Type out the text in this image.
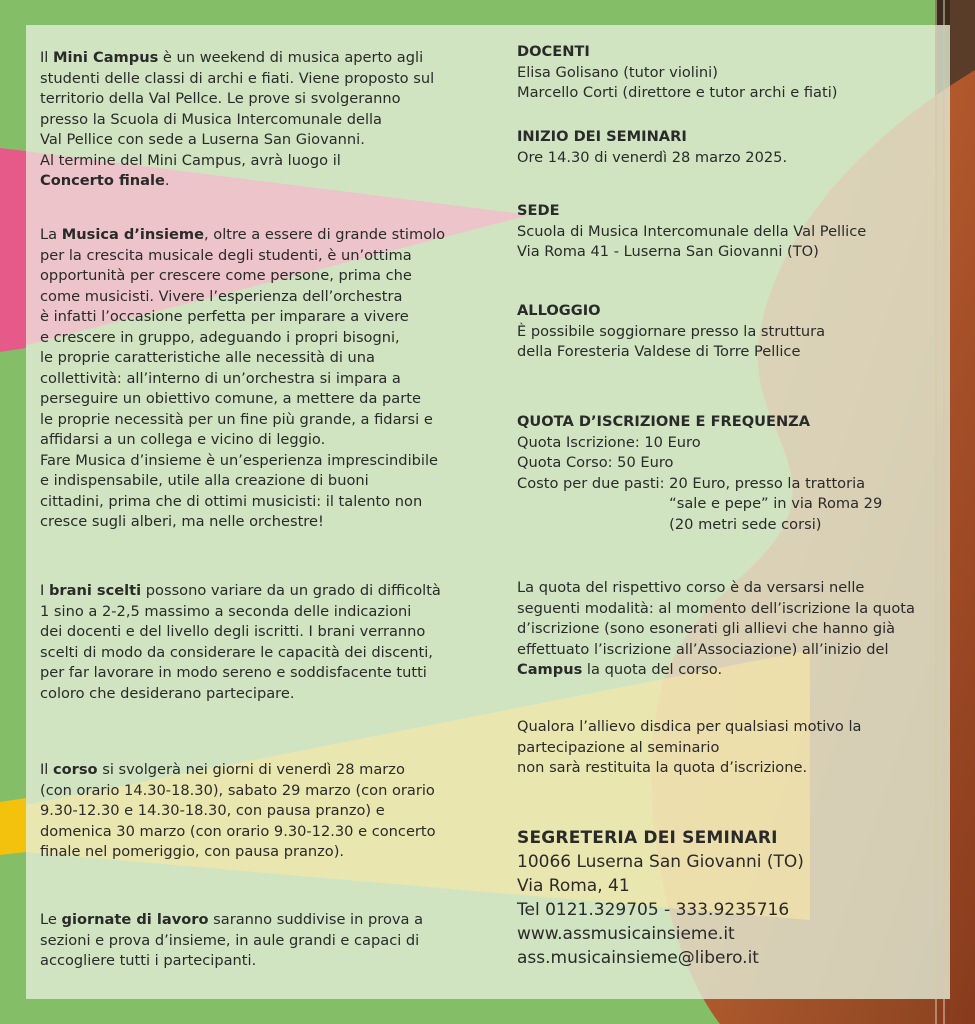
Il Mini Campus è un weekend di musica aperto agli

studenti delle classi di archi e fiati. Viene proposto sul

territorio della Val Pellce. Le prove si svolgeranno

presso la Scuola di Musica Intercomunale della

Val Pellice con sede a Luserna San Giovanni.

Al termine del Mini Campus, avrà luogo il

Concerto finale.

La Musica d’insieme, oltre a essere di grande stimolo

per la crescita musicale degli studenti, è un’ottima

opportunità per crescere come persone, prima che

come musicisti. Vivere l’esperienza dell’orchestra

è infatti l’occasione perfetta per imparare a vivere

e crescere in gruppo, adeguando i propri bisogni,

le proprie caratteristiche alle necessità di una

collettività: all’interno di un’orchestra si impara a

perseguire un obiettivo comune, a mettere da parte

le proprie necessità per un fine più grande, a fidarsi e

affidarsi a un collega e vicino di leggio.

Fare Musica d’insieme è un’esperienza imprescindibile

e indispensabile, utile alla creazione di buoni

cittadini, prima che di ottimi musicisti: il talento non

cresce sugli alberi, ma nelle orchestre!

I brani scelti possono variare da un grado di difficoltà

1 sino a 2-2,5 massimo a seconda delle indicazioni

dei docenti e del livello degli iscritti. I brani verranno

scelti di modo da considerare le capacità dei discenti,

per far lavorare in modo sereno e soddisfacente tutti

coloro che desiderano partecipare.

Il corso si svolgerà nei giorni di venerdì 28 marzo

(con orario 14.30-18.30), sabato 29 marzo (con orario

9.30-12.30 e 14.30-18.30, con pausa pranzo) e

domenica 30 marzo (con orario 9.30-12.30 e concerto

finale nel pomeriggio, con pausa pranzo).

Le giornate di lavoro saranno suddivise in prova a

sezioni e prova d’insieme, in aule grandi e capaci di

accogliere tutti i partecipanti.

DOCENTI

Elisa Golisano (tutor violini)

Marcello Corti (direttore e tutor archi e fiati)

INIZIO DEI SEMINARI

Ore 14.30 di venerdì 28 marzo 2025.

SEDE

Scuola di Musica Intercomunale della Val Pellice

Via Roma 41 - Luserna San Giovanni (TO)

ALLOGGIO

È possibile soggiornare presso la struttura

della Foresteria Valdese di Torre Pellice

QUOTA D’ISCRIZIONE E FREQUENZA

Quota Iscrizione: 10 Euro

Quota Corso: 50 Euro

Costo per due pasti: 20 Euro, presso la trattoria

“sale e pepe” in via Roma 29

(20 metri sede corsi)

La quota del rispettivo corso è da versarsi nelle

seguenti modalità: al momento dell’iscrizione la quota

d’iscrizione (sono esonerati gli allievi che hanno già

effettuato l’iscrizione all’Associazione) all’inizio del

Campus la quota del corso.

Qualora l’allievo disdica per qualsiasi motivo la

partecipazione al seminario

non sarà restituita la quota d’iscrizione.

SEGRETERIA DEI SEMINARI

10066 Luserna San Giovanni (TO)

Via Roma, 41

Tel 0121.329705 - 333.9235716

www.assmusicainsieme.it

ass.musicainsieme@libero.it
